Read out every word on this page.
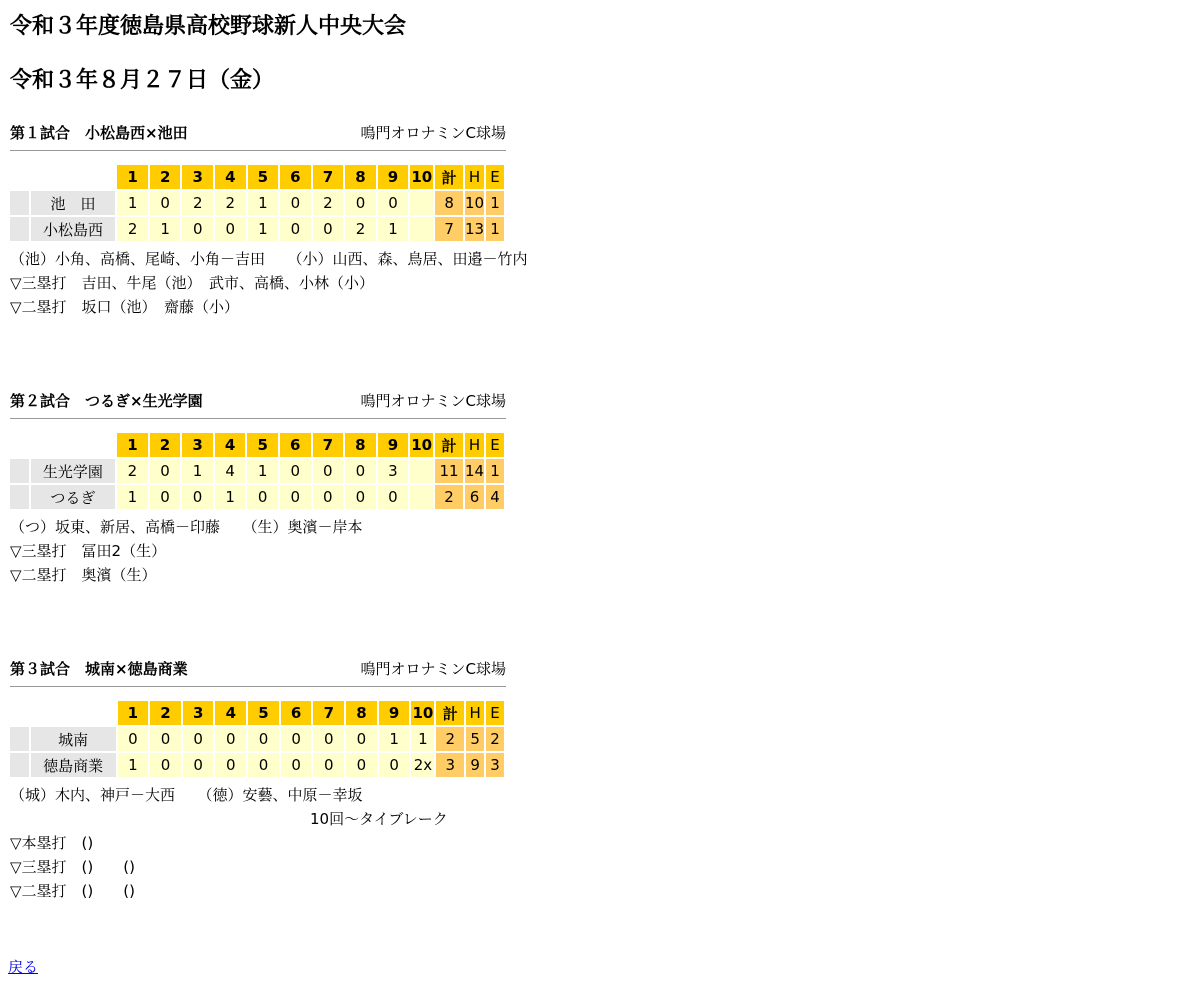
令和３年度徳島県高校野球新人中央大会
令和３年８月２７日（金）
第１試合　小松島西×池田	鳴門オロナミンC球場
		1	2	3	4	5	6	7	8	9	10	計	H	E
	池　田	1	0	2	2	1	0	2	0	0		8	10	1
	小松島西	2	1	0	0	1	0	0	2	1		7	13	1
（池）小角、高橋、尾崎、小角－吉田　　（小）山西、森、鳥居、田邉－竹内
▽三塁打　吉田、牛尾（池）　武市、高橋、小林（小）
▽二塁打　坂口（池）　齋藤（小）
第２試合　つるぎ×生光学園	鳴門オロナミンC球場
		1	2	3	4	5	6	7	8	9	10	計	H	E
	生光学園	2	0	1	4	1	0	0	0	3		11	14	1
	つるぎ	1	0	0	1	0	0	0	0	0		2	6	4
（つ）坂東、新居、高橋－印藤　　（生）奥濱－岸本
▽三塁打　冨田2（生）
▽二塁打　奥濱（生）
第３試合　城南×徳島商業	鳴門オロナミンC球場
		1	2	3	4	5	6	7	8	9	10	計	H	E
	城南	0	0	0	0	0	0	0	0	1	1	2	5	2
	徳島商業	1	0	0	0	0	0	0	0	0	2x	3	9	3
（城）木内、神戸－大西　　（徳）安藝、中原－幸坂
　　　　　　　　　　　　　　　　　　　　10回〜タイブレーク
▽本塁打　()
▽三塁打　()　　()
▽二塁打　()　　()
戻る
